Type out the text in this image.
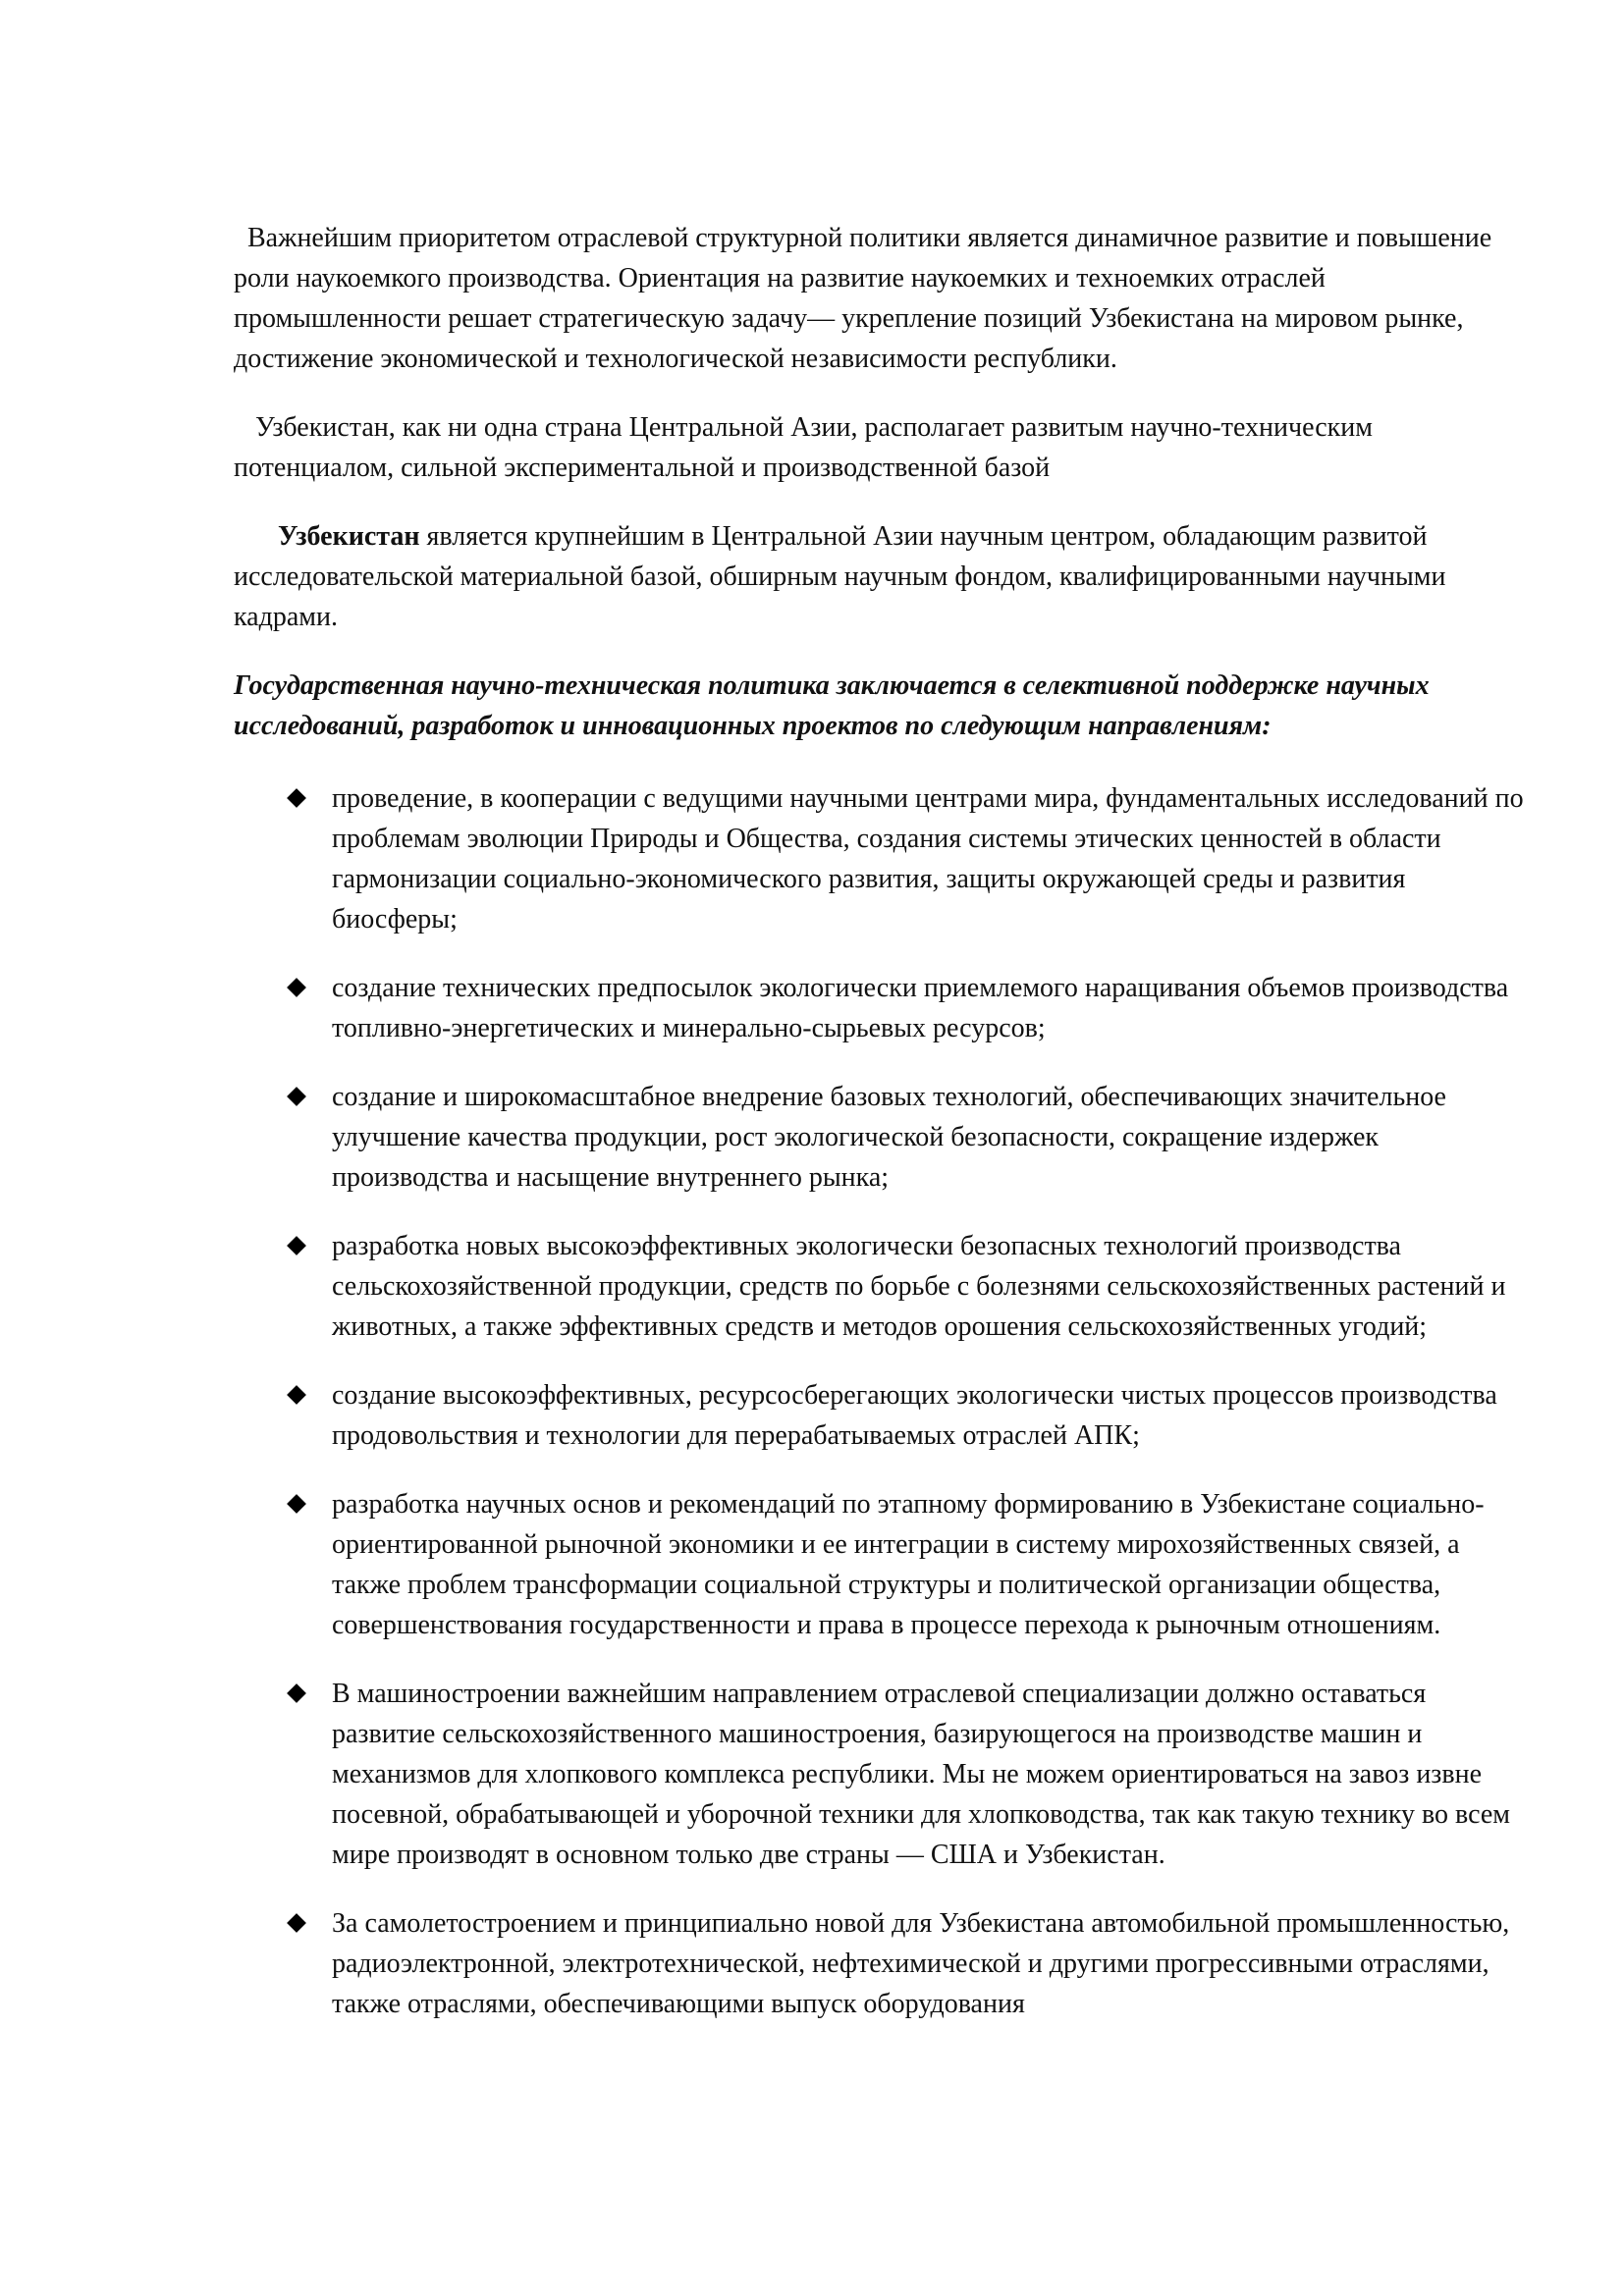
Важнейшим приоритетом отраслевой структурной политики является динамичное развитие и повышение роли наукоемкого производства. Ориентация на развитие наукоемких и техноемких отраслей промышленности решает стратегическую задачу— укрепление позиций Узбекистана на мировом рынке, достижение экономической и технологической независимости республики.

Узбекистан, как ни одна страна Центральной Азии, располагает развитым научно-техническим потенциалом, сильной экспериментальной и производственной базой

Узбекистан является крупнейшим в Центральной Азии научным центром, обладающим развитой исследовательской материальной базой, обширным научным фондом, квалифицированными научными кадрами.

Государственная научно-техническая политика заключается в селективной поддержке научных исследований, разработок и инновационных проектов по следующим направлениям:

проведение, в кооперации с ведущими научными центрами мира, фундаментальных исследований по проблемам эволюции Природы и Общества, создания системы этических ценностей в области гармонизации социально-экономического развития, защиты окружающей среды и развития биосферы;
создание технических предпосылок экологически приемлемого наращивания объемов производства топливно-энергетических и минерально-сырьевых ресурсов;
создание и широкомасштабное внедрение базовых технологий, обеспечивающих значительное улучшение качества продукции, рост экологической безопасности, сокращение издержек производства и насыщение внутреннего рынка;
разработка новых высокоэффективных экологически безопасных технологий производства сельскохозяйственной продукции, средств по борьбе с болезнями сельскохозяйственных растений и животных, а также эффективных средств и методов орошения сельскохозяйственных угодий;
создание высокоэффективных, ресурсосберегающих экологически чистых процессов производства продовольствия и технологии для перерабатываемых отраслей АПК;
разработка научных основ и рекомендаций по этапному формированию в Узбекистане социально-ориентированной рыночной экономики и ее интеграции в систему мирохозяйственных связей, а также проблем трансформации социальной структуры и политической организации общества, совершенствования государственности и права в процессе перехода к рыночным отношениям.
В машиностроении важнейшим направлением отраслевой специализации должно оставаться развитие сельскохозяйственного машиностроения, базирующегося на производстве машин и механизмов для хлопкового комплекса республики. Мы не можем ориентироваться на завоз извне посевной, обрабатывающей и уборочной техники для хлопководства, так как такую технику во всем мире производят в основном только две страны — США и Узбекистан.
За самолетостроением и принципиально новой для Узбекистана автомобильной промышленностью, радиоэлектронной, электротехнической, нефтехимической и другими прогрессивными отраслями, также отраслями, обеспечивающими выпуск оборудования
